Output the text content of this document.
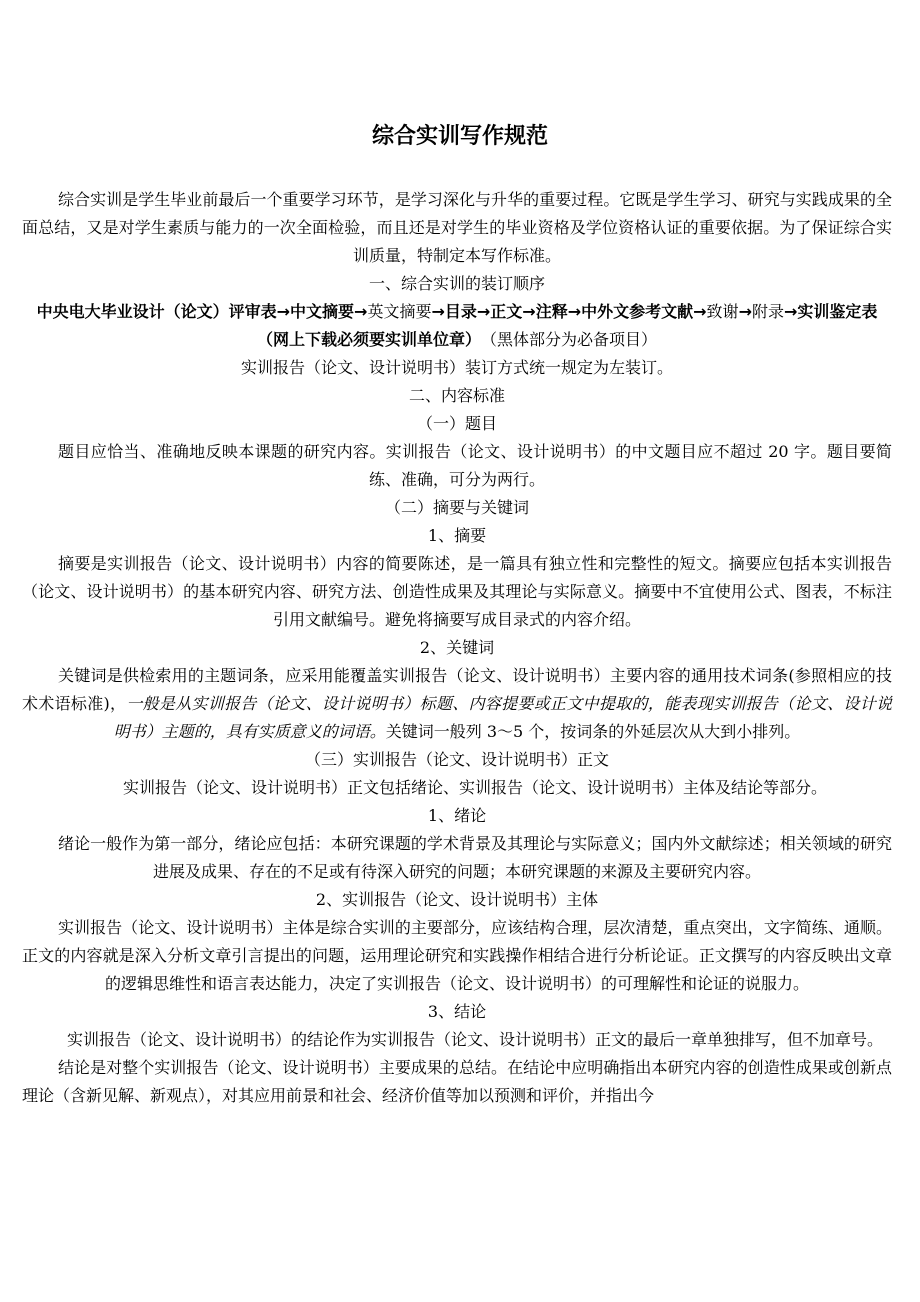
综合实训写作规范

综合实训是学生毕业前最后一个重要学习环节，是学习深化与升华的重要过程。它既是学生学习、研究与实践成果的全面总结，又是对学生素质与能力的一次全面检验，而且还是对学生的毕业资格及学位资格认证的重要依据。为了保证综合实训质量，特制定本写作标准。

一、综合实训的装订顺序

中央电大毕业设计（论文）评审表→中文摘要→英文摘要→目录→正文→注释→中外文参考文献→致谢→附录→实训鉴定表（网上下载必须要实训单位章）　（黑体部分为必备项目）

实训报告（论文、设计说明书）装订方式统一规定为左装订。

二、内容标准

（一）题目

题目应恰当、准确地反映本课题的研究内容。实训报告（论文、设计说明书）的中文题目应不超过 20 字。题目要简练、准确，可分为两行。

（二）摘要与关键词

1、摘要

摘要是实训报告（论文、设计说明书）内容的简要陈述，是一篇具有独立性和完整性的短文。摘要应包括本实训报告（论文、设计说明书）的基本研究内容、研究方法、创造性成果及其理论与实际意义。摘要中不宜使用公式、图表，不标注引用文献编号。避免将摘要写成目录式的内容介绍。

2、关键词

关键词是供检索用的主题词条，应采用能覆盖实训报告（论文、设计说明书）主要内容的通用技术词条(参照相应的技术术语标准)，一般是从实训报告（论文、设计说明书）标题、内容提要或正文中提取的，能表现实训报告（论文、设计说明书）主题的，具有实质意义的词语。关键词一般列 3～5 个，按词条的外延层次从大到小排列。

（三）实训报告（论文、设计说明书）正文

实训报告（论文、设计说明书）正文包括绪论、实训报告（论文、设计说明书）主体及结论等部分。

1、绪论

绪论一般作为第一部分，绪论应包括：本研究课题的学术背景及其理论与实际意义；国内外文献综述；相关领域的研究进展及成果、存在的不足或有待深入研究的问题；本研究课题的来源及主要研究内容。

2、实训报告（论文、设计说明书）主体

实训报告（论文、设计说明书）主体是综合实训的主要部分，应该结构合理，层次清楚，重点突出，文字简练、通顺。正文的内容就是深入分析文章引言提出的问题，运用理论研究和实践操作相结合进行分析论证。正文撰写的内容反映出文章的逻辑思维性和语言表达能力，决定了实训报告（论文、设计说明书）的可理解性和论证的说服力。

3、结论

实训报告（论文、设计说明书）的结论作为实训报告（论文、设计说明书）正文的最后一章单独排写，但不加章号。

结论是对整个实训报告（论文、设计说明书）主要成果的总结。在结论中应明确指出本研究内容的创造性成果或创新点理论（含新见解、新观点），对其应用前景和社会、经济价值等加以预测和评价，并指出今
